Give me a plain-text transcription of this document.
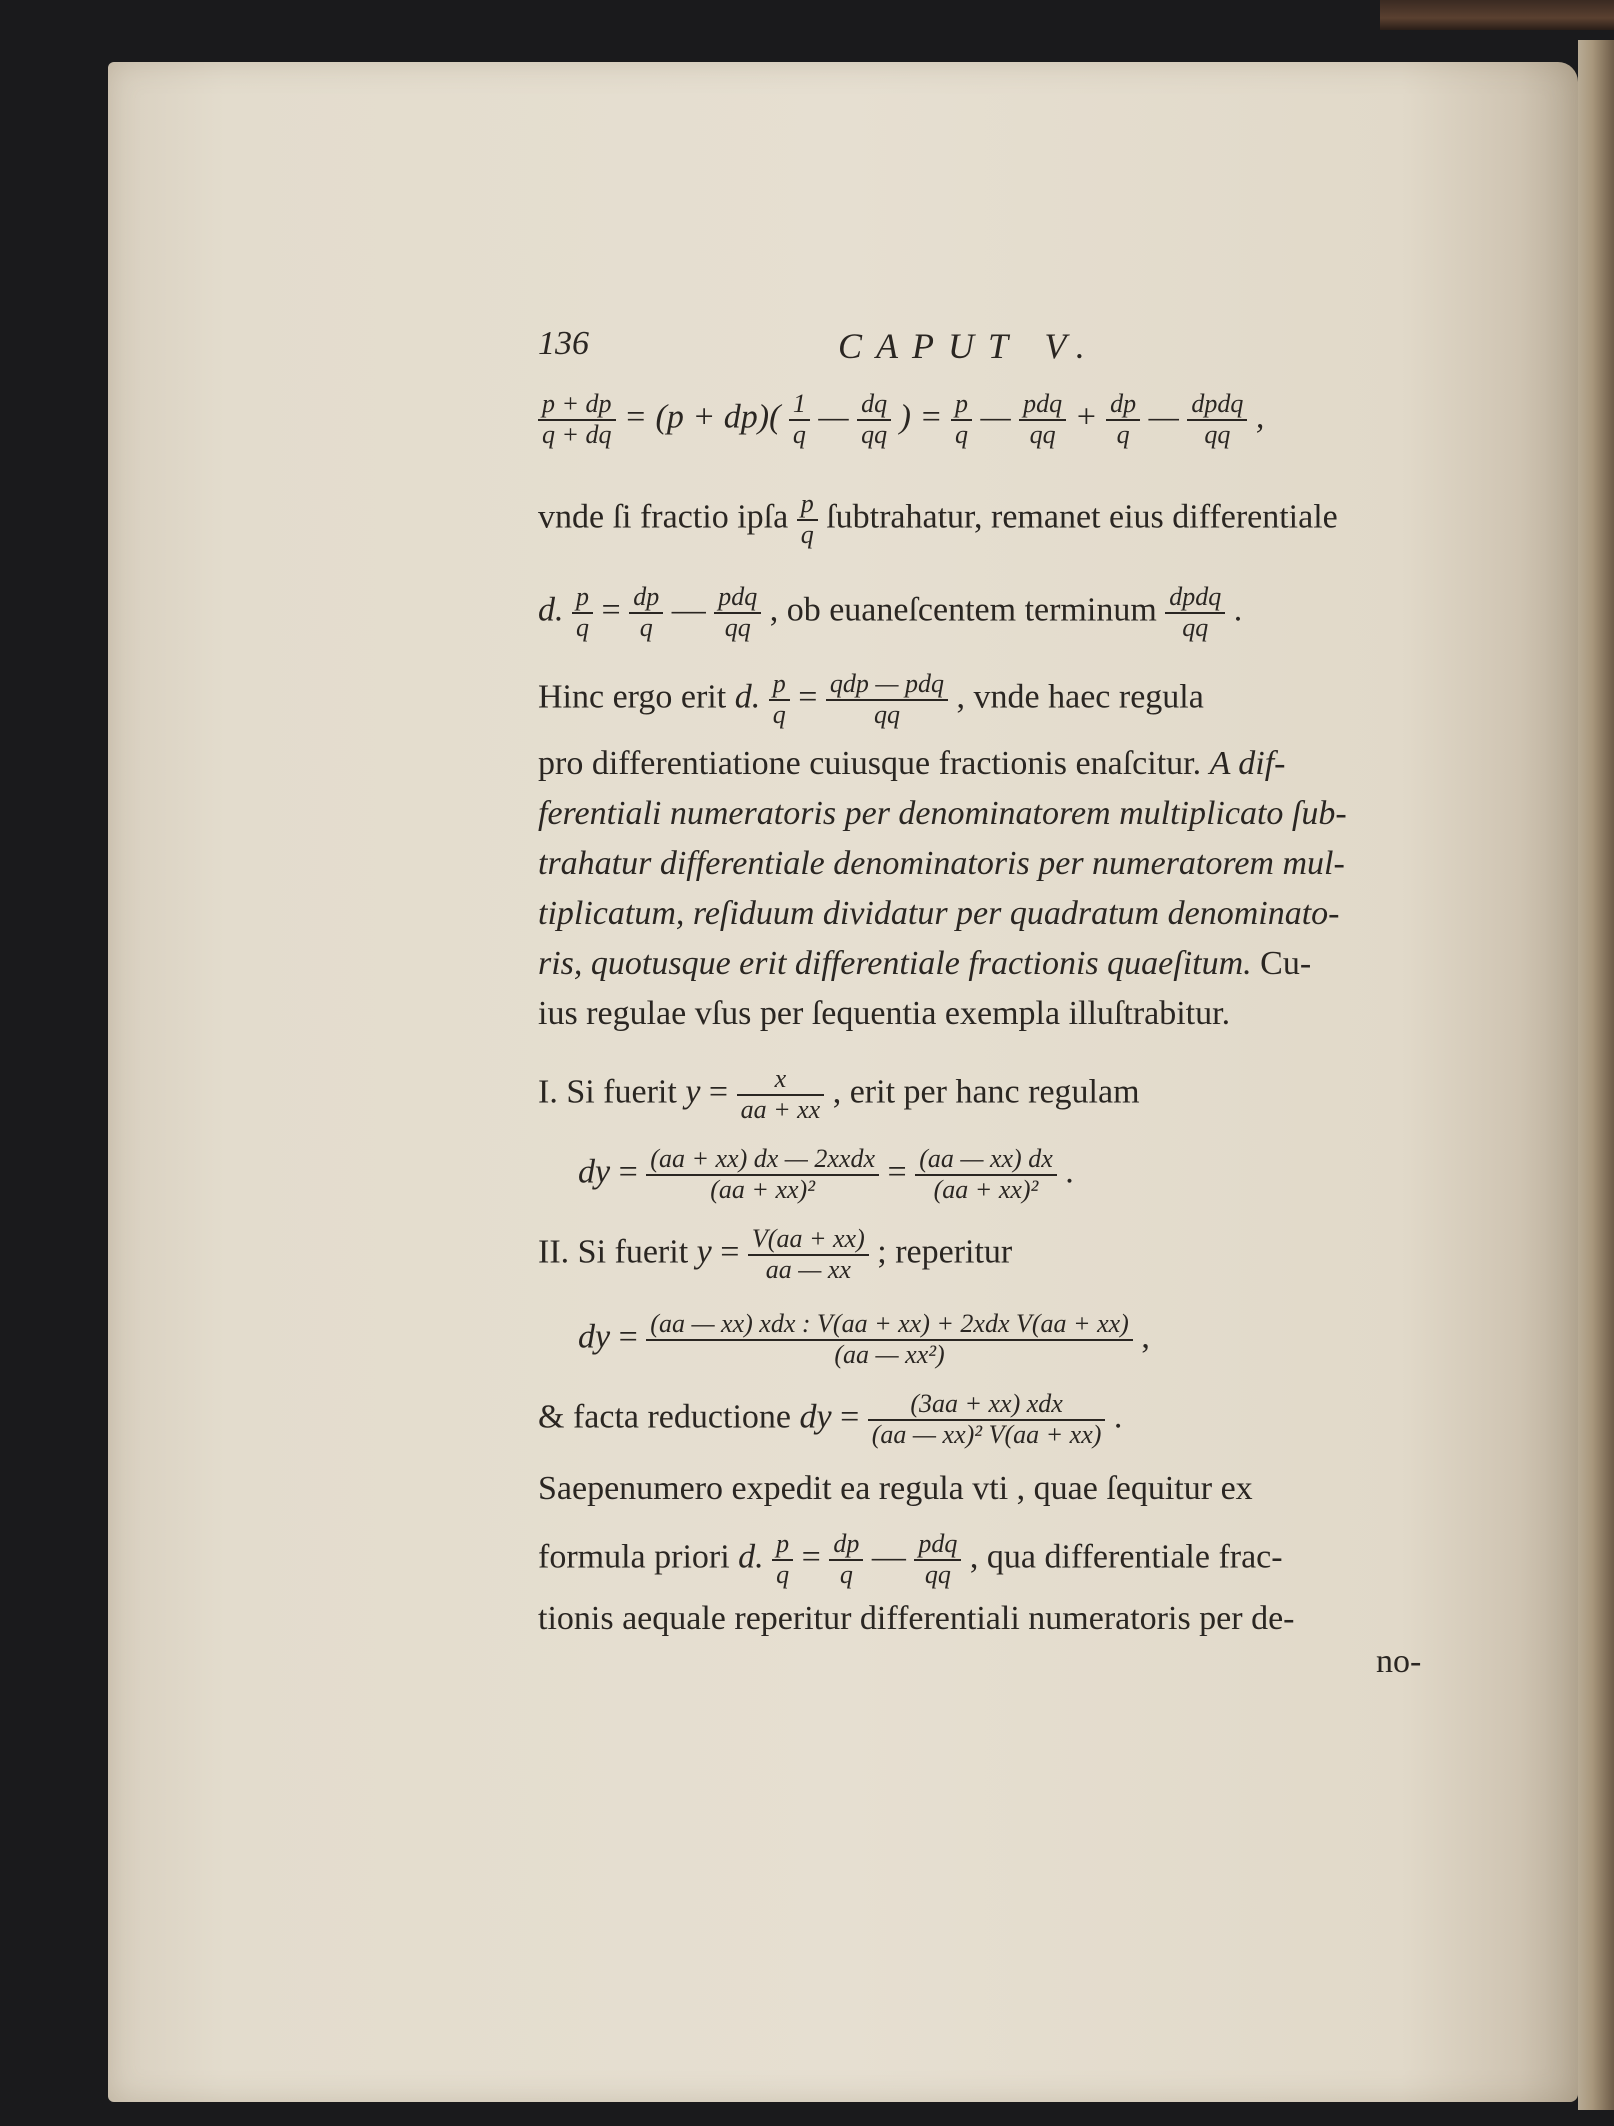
136	CAPUT V.
$\frac{p + dp}{q + dq} = (p + dp)( \frac{1}{q}$ — $\frac{dq}{qq}$ ) = $\frac{p}{q}$ — $\frac{\text{pdq}}{qq} + \frac{dp}{q}$ — $\frac{\text{dpdq}}{qq}$ ,
vnde ſi fractio ipſa $\frac{p}{q}$ ſubtrahatur, remanet eius differentiale
d. $\frac{p}{q} = \frac{dp}{q}$ — $\frac{\text{pdq}}{qq}$ , ob euaneſcentem terminum $\frac{\text{dpdq}}{qq}$ .
Hinc ergo erit d. $\frac{p}{q} = \frac{\text{qdp — pdq}}{qq}$ , vnde haec regula
pro differentiatione cuiusque fractionis enaſcitur. A dif-
ferentiali numeratoris per denominatorem multiplicato ſub-
trahatur differentiale denominatoris per numeratorem mul-
tiplicatum, reſiduum dividatur per quadratum denominato-
ris, quotusque erit differentiale fractionis quaeſitum. Cu-
ius regulae vſus per ſequentia exempla illuſtrabitur.
I. Si fuerit $y = \frac{x}{aa + xx}$ , erit per hanc regulam
dy = $\frac{\text{(aa + xx) dx — 2xxdx}}{\text{(aa + xx)²}} = \frac{(aa — xx) dx}{\text{(aa + xx)²}}$ .
II. Si fuerit $y = \frac{V(aa + xx)}{aa — xx}$ ; reperitur
dy = $\frac{\text{(aa — xx) xdx : V(aa + xx) + 2xdx V(aa + xx)}}{\text{(aa — xx²)}}$ ,
& facta reductione dy = $\frac{\text{(3aa + xx) xdx}}{\text{(aa — xx)² V(aa + xx)}}$ .
Saepenumero expedit ea regula vti , quae ſequitur ex
formula priori d. $\frac{p}{q} = \frac{dp}{q}$ — $\frac{\text{pdq}}{qq}$ , qua differentiale frac-
tionis aequale reperitur differentiali numeratoris per de-
no-
